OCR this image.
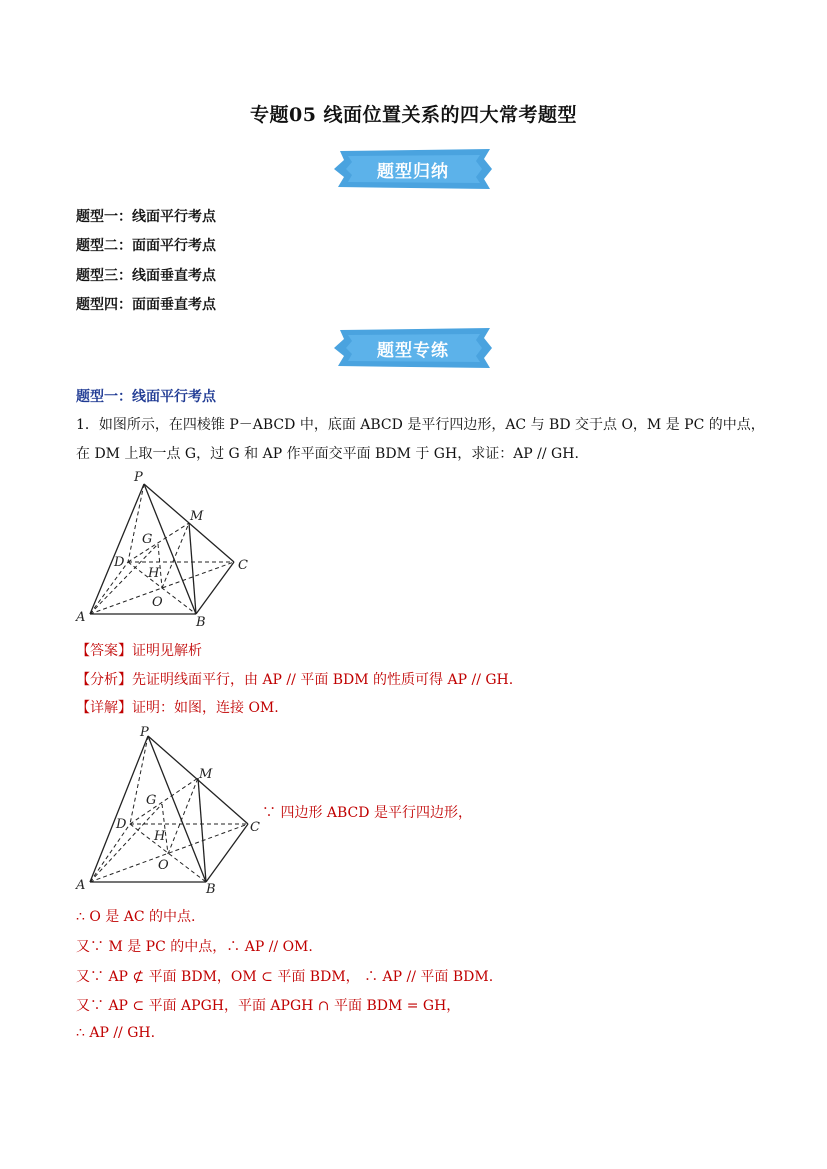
专题05 线面位置关系的四大常考题型
题型归纳
题型一：线面平行考点
题型二：面面平行考点
题型三：线面垂直考点
题型四：面面垂直考点
题型专练
题型一：线面平行考点
1．如图所示，在四棱锥 P－ABCD 中，底面 ABCD 是平行四边形，AC 与 BD 交于点 O，M 是 PC 的中点，
在 DM 上取一点 G，过 G 和 AP 作平面交平面 BDM 于 GH，求证：AP // GH.
P
M
G
D
H
C
O
A	B
【答案】证明见解析
【分析】先证明线面平行，由 AP // 平面 BDM 的性质可得 AP // GH.
【详解】证明：如图，连接 OM.
P
M
G
D
H
C
O
A	B
∵ 四边形 ABCD 是平行四边形，
∴ O 是 AC 的中点.
又∵ M 是 PC 的中点，∴ AP // OM.
又∵ AP ⊄ 平面 BDM，OM ⊂ 平面 BDM， ∴ AP // 平面 BDM.
又∵ AP ⊂ 平面 APGH，平面 APGH ∩ 平面 BDM = GH，
∴ AP // GH.
